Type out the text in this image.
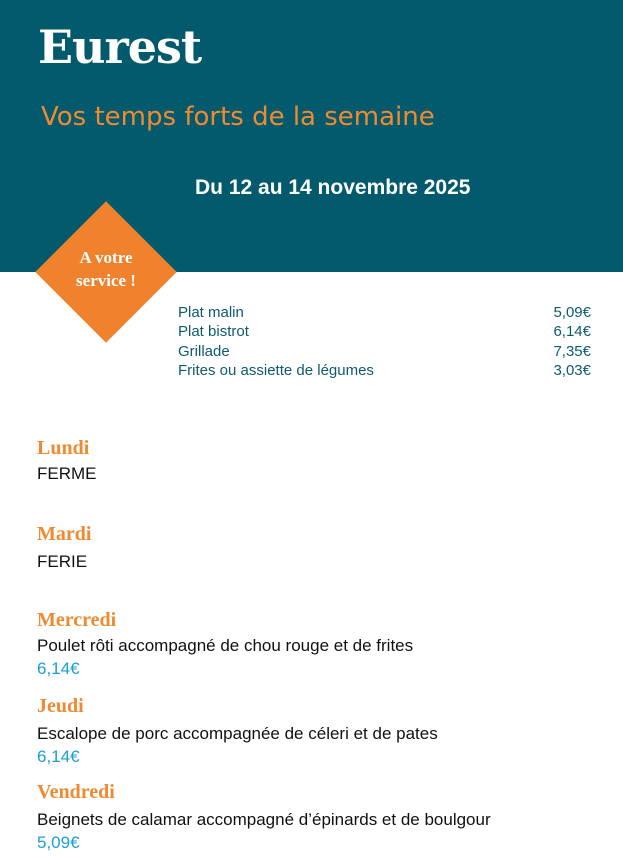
Eurest
Vos temps forts de la semaine
Du 12 au 14 novembre 2025
A votre
service !
Plat malin	5,09€
Plat bistrot	6,14€
Grillade	7,35€
Frites ou assiette de légumes	3,03€
Lundi
FERME
Mardi
FERIE
Mercredi
Poulet rôti accompagné de chou rouge et de frites
6,14€
Jeudi
Escalope de porc accompagnée de céleri et de pates
6,14€
Vendredi
Beignets de calamar accompagné d’épinards et de boulgour
5,09€
